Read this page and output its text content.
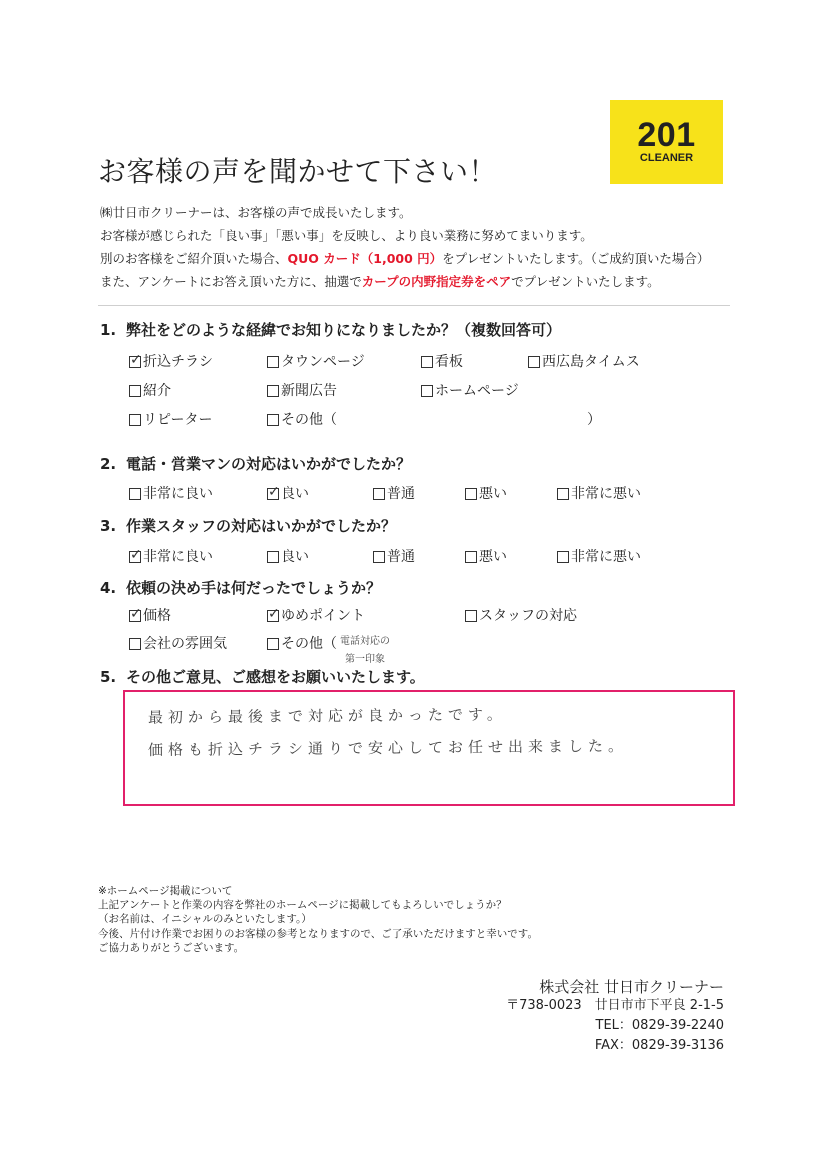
201
CLEANER
お客様の声を聞かせて下さい！
㈱廿日市クリーナーは、お客様の声で成長いたします。
お客様が感じられた「良い事」「悪い事」を反映し、より良い業務に努めてまいります。
別のお客様をご紹介頂いた場合、QUO カード（1,000 円）をプレゼントいたします。（ご成約頂いた場合）
また、アンケートにお答え頂いた方に、抽選でカープの内野指定券をペアでプレゼントいたします。
1. 弊社をどのような経緯でお知りになりましたか？（複数回答可）
✓
折込チラシ	タウンページ	看板	西広島タイムス
紹介	新聞広告	ホームページ
リピーター	その他（	）
2. 電話・営業マンの対応はいかがでしたか？
非常に良い ✓	良い	普通	悪い	非常に悪い
3. 作業スタッフの対応はいかがでしたか？
✓
非常に良い	良い	普通	悪い	非常に悪い
4. 依頼の決め手は何だったでしょうか？
✓
価格 ✓	ゆめポイント	スタッフの対応
会社の雰囲気	その他（ 電話対応の
第一印象
5. その他ご意見、ご感想をお願いいたします。
最初から最後まで対応が良かったです。
価格も折込チラシ通りで安心してお任せ出来ました。
※ホームページ掲載について
上記アンケートと作業の内容を弊社のホームページに掲載してもよろしいでしょうか？
（お名前は、イニシャルのみといたします。）
今後、片付け作業でお困りのお客様の参考となりますので、ご了承いただけますと幸いです。
ご協力ありがとうございます。
株式会社 廿日市クリーナー
〒738-0023　廿日市市下平良 2-1-5
TEL：0829-39-2240
FAX：0829-39-3136
